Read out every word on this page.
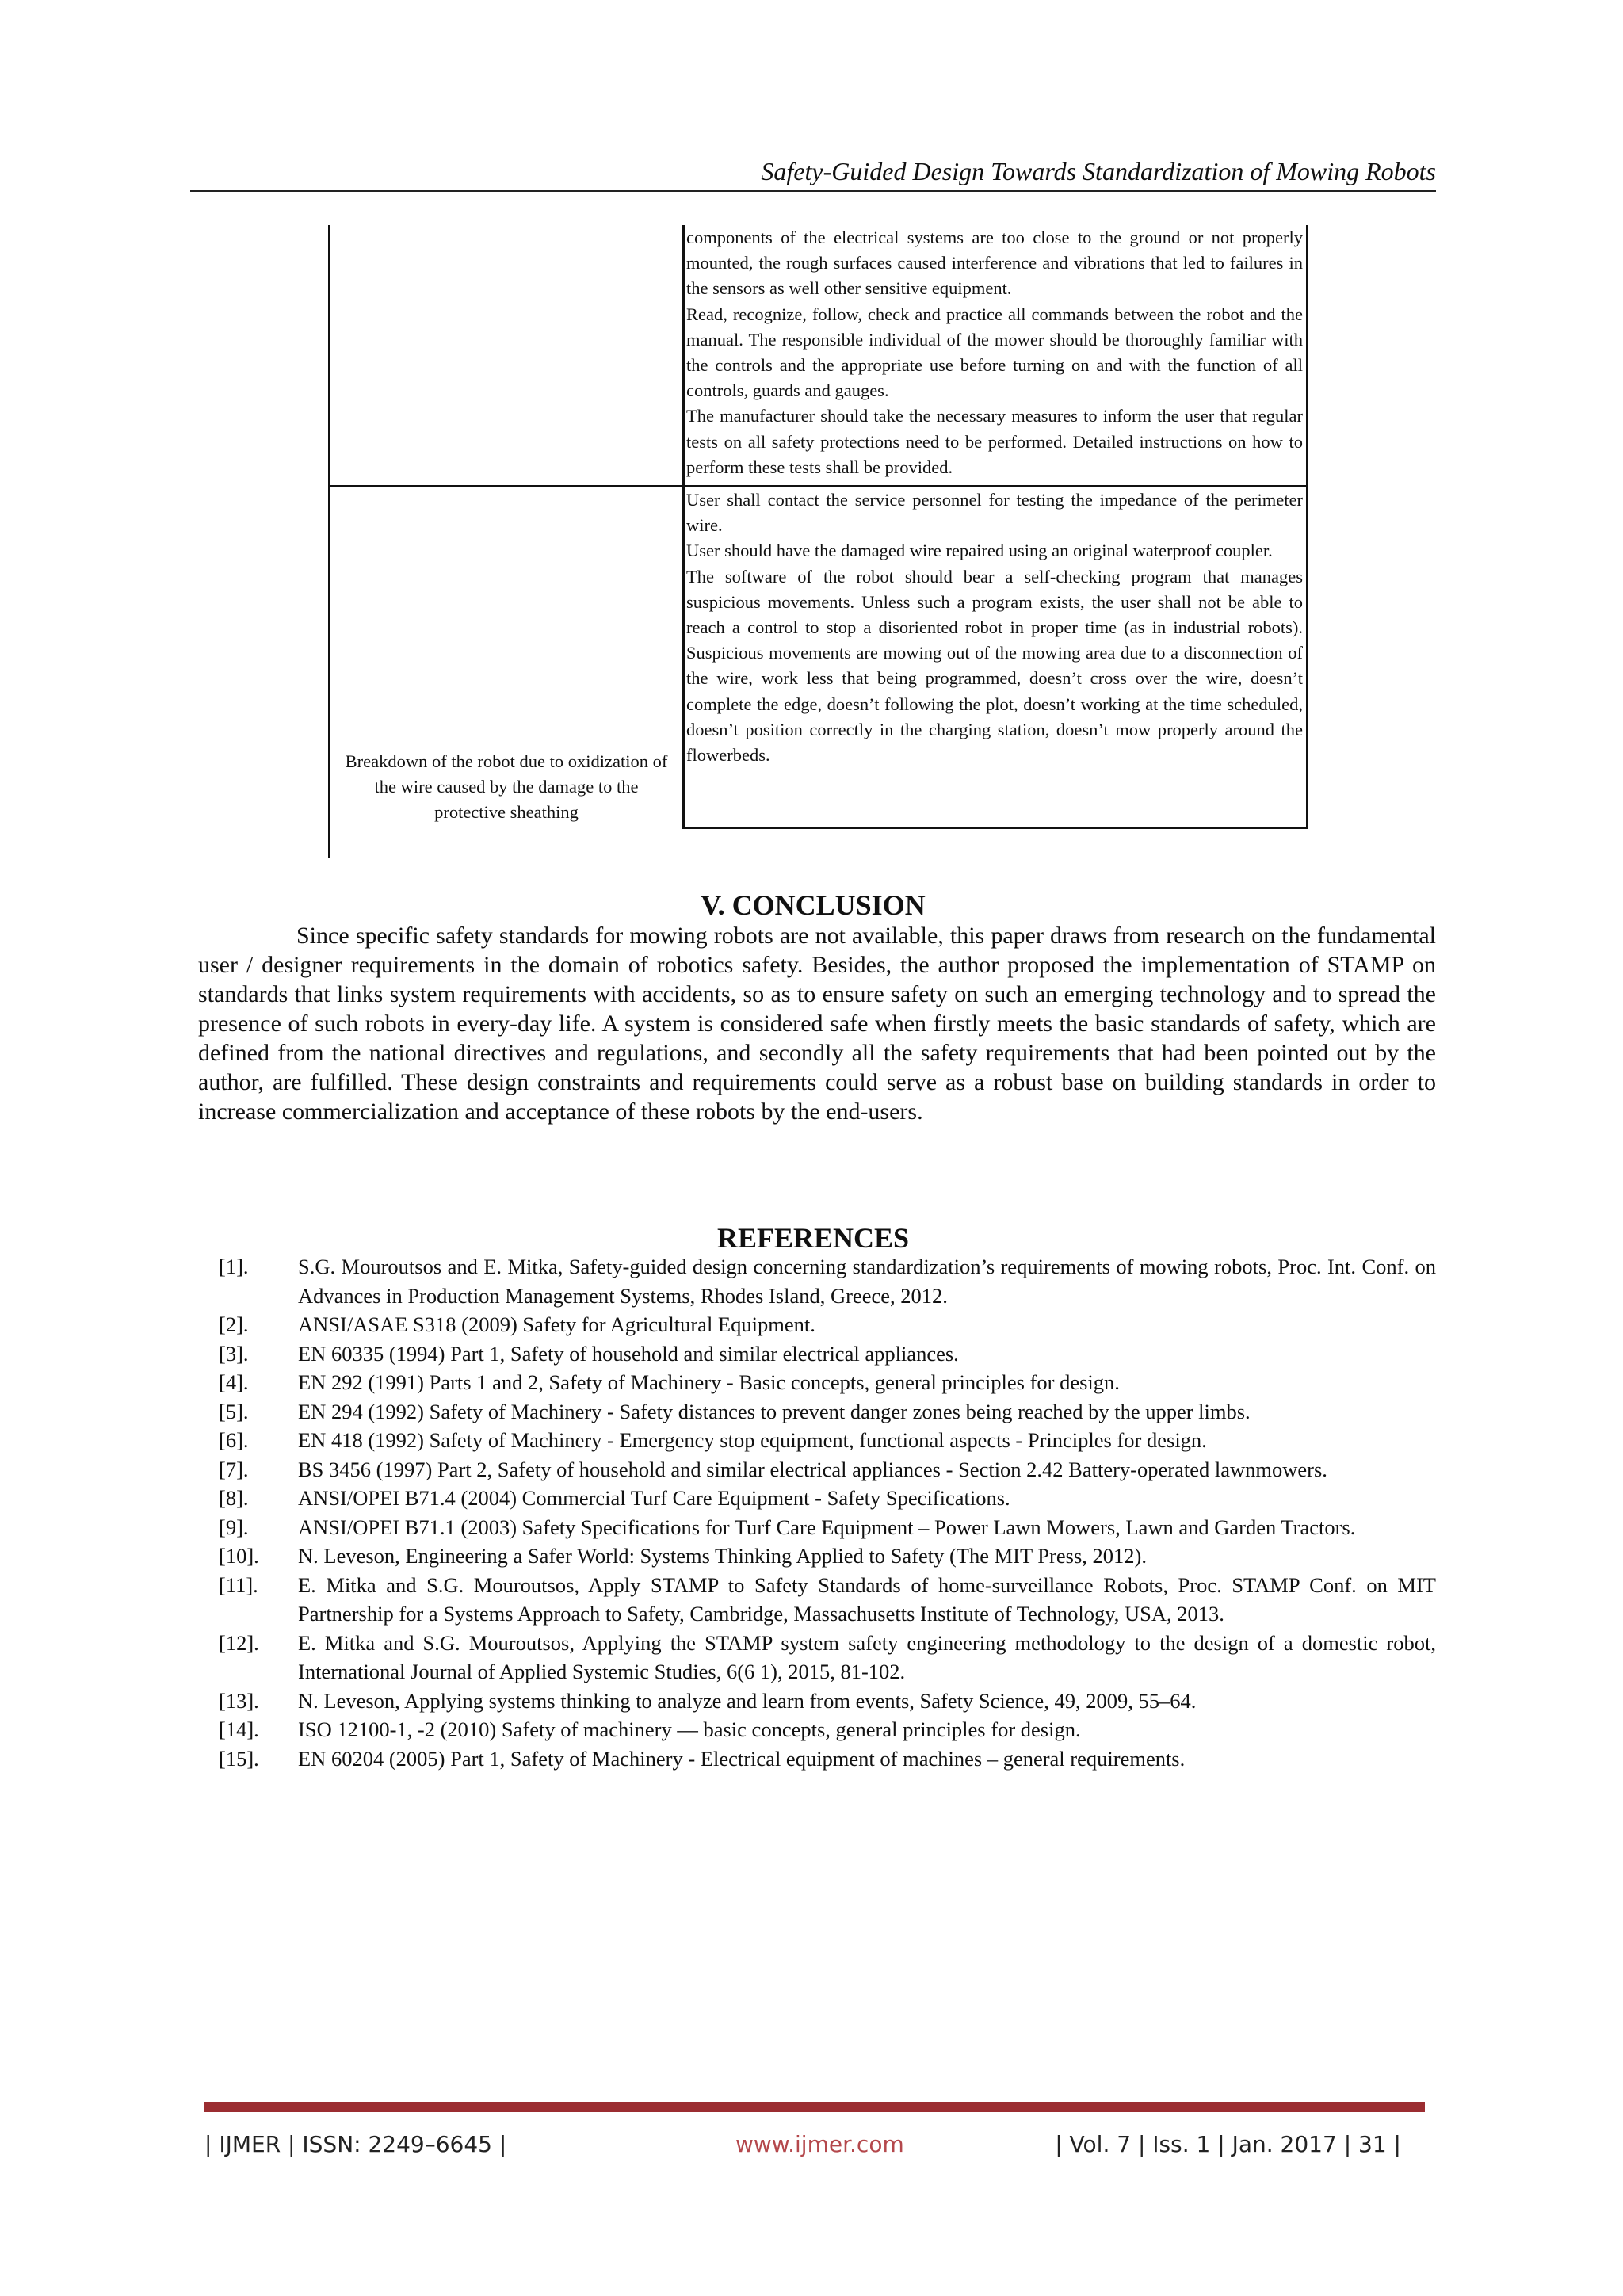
Safety-Guided Design Towards Standardization of Mowing Robots

components of the electrical systems are too close to the ground or not properly mounted, the rough surfaces caused interference and vibrations that led to failures in the sensors as well other sensitive equipment.

Read, recognize, follow, check and practice all commands between the robot and the manual. The responsible individual of the mower should be thoroughly familiar with the controls and the appropriate use before turning on and with the function of all controls, guards and gauges.

The manufacturer should take the necessary measures to inform the user that regular tests on all safety protections need to be performed. Detailed instructions on how to perform these tests shall be provided.

Breakdown of the robot due to oxidization of the wire caused by the damage to the protective sheathing

User shall contact the service personnel for testing the impedance of the perimeter wire.

User should have the damaged wire repaired using an original waterproof coupler.

The software of the robot should bear a self-checking program that manages suspicious movements. Unless such a program exists, the user shall not be able to reach a control to stop a disoriented robot in proper time (as in industrial robots). Suspicious movements are mowing out of the mowing area due to a disconnection of the wire, work less that being programmed, doesn’t cross over the wire, doesn’t complete the edge, doesn’t following the plot, doesn’t working at the time scheduled, doesn’t position correctly in the charging station, doesn’t mow properly around the flowerbeds.

V. CONCLUSION
Since specific safety standards for mowing robots are not available, this paper draws from research on the fundamental user / designer requirements in the domain of robotics safety. Besides, the author proposed the implementation of STAMP on standards that links system requirements with accidents, so as to ensure safety on such an emerging technology and to spread the presence of such robots in every-day life. A system is considered safe when firstly meets the basic standards of safety, which are defined from the national directives and regulations, and secondly all the safety requirements that had been pointed out by the author, are fulfilled. These design constraints and requirements could serve as a robust base on building standards in order to increase commercialization and acceptance of these robots by the end-users.
REFERENCES
[1]. S.G. Mouroutsos and E. Mitka, Safety-guided design concerning standardization’s requirements of mowing robots, Proc. Int. Conf. on Advances in Production Management Systems, Rhodes Island, Greece, 2012.
[2]. ANSI/ASAE S318 (2009) Safety for Agricultural Equipment.
[3]. EN 60335 (1994) Part 1, Safety of household and similar electrical appliances.
[4]. EN 292 (1991) Parts 1 and 2, Safety of Machinery - Basic concepts, general principles for design.
[5]. EN 294 (1992) Safety of Machinery - Safety distances to prevent danger zones being reached by the upper limbs.
[6]. EN 418 (1992) Safety of Machinery - Emergency stop equipment, functional aspects - Principles for design.
[7]. BS 3456 (1997) Part 2, Safety of household and similar electrical appliances - Section 2.42 Battery-operated lawnmowers.
[8]. ANSI/OPEI B71.4 (2004) Commercial Turf Care Equipment - Safety Specifications.
[9]. ANSI/OPEI B71.1 (2003) Safety Specifications for Turf Care Equipment – Power Lawn Mowers, Lawn and Garden Tractors.
[10]. N. Leveson, Engineering a Safer World: Systems Thinking Applied to Safety (The MIT Press, 2012).
[11]. E. Mitka and S.G. Mouroutsos, Apply STAMP to Safety Standards of home-surveillance Robots, Proc. STAMP Conf. on MIT Partnership for a Systems Approach to Safety, Cambridge, Massachusetts Institute of Technology, USA, 2013.
[12]. E. Mitka and S.G. Mouroutsos, Applying the STAMP system safety engineering methodology to the design of a domestic robot, International Journal of Applied Systemic Studies, 6(6 1), 2015, 81-102.
[13]. N. Leveson, Applying systems thinking to analyze and learn from events, Safety Science, 49, 2009, 55–64.
[14]. ISO 12100-1, -2 (2010) Safety of machinery — basic concepts, general principles for design.
[15]. EN 60204 (2005) Part 1, Safety of Machinery - Electrical equipment of machines – general requirements.
| IJMER | ISSN: 2249–6645 |	www.ijmer.com	| Vol. 7 | Iss. 1 | Jan. 2017 | 31 |
